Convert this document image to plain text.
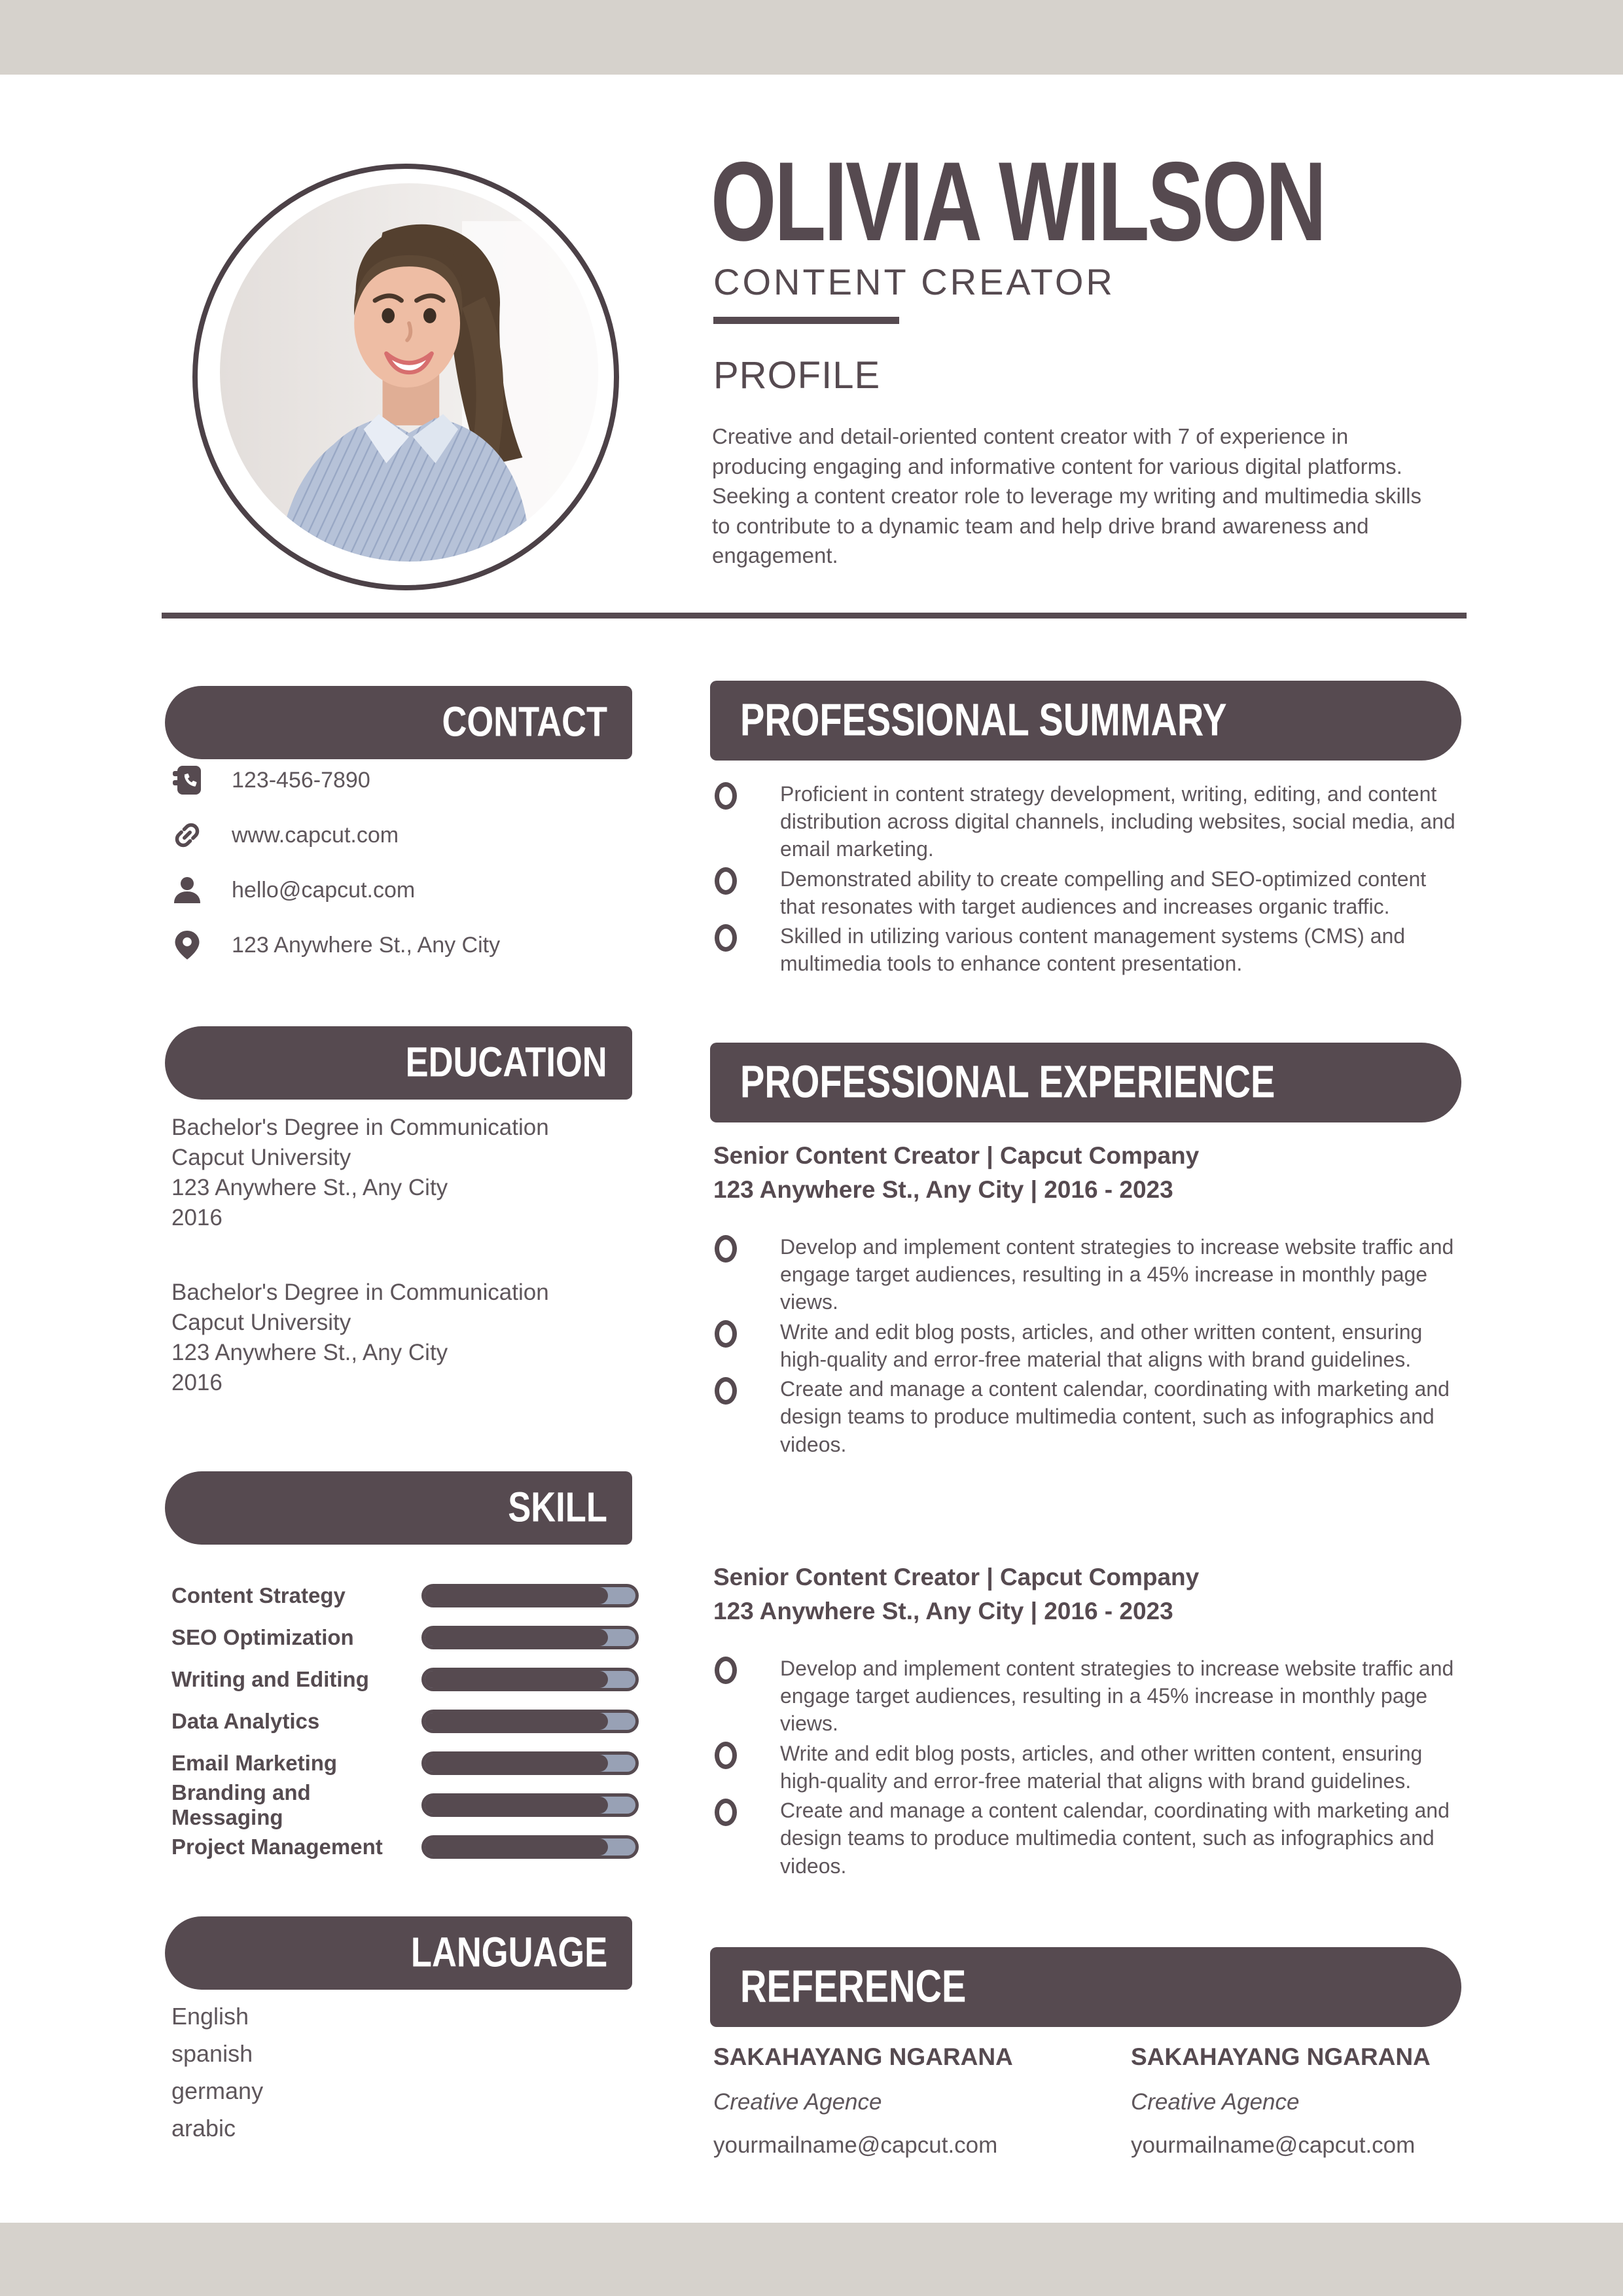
OLIVIA WILSON
CONTENT CREATOR
PROFILE
Creative and detail-oriented content creator with 7 of experience in producing engaging and informative content for various digital platforms. Seeking a content creator role to leverage my writing and multimedia skills to contribute to a dynamic team and help drive brand awareness and engagement.
CONTACT
EDUCATION
SKILL
LANGUAGE
PROFESSIONAL SUMMARY
PROFESSIONAL EXPERIENCE
REFERENCE
123-456-7890
www.capcut.com
hello@capcut.com
123 Anywhere St., Any City
Bachelor's Degree in Communication
Capcut University
123 Anywhere St., Any City
2016
Bachelor's Degree in Communication
Capcut University
123 Anywhere St., Any City
2016
Content Strategy
SEO Optimization
Writing and Editing
Data Analytics
Email Marketing
Branding and Messaging
Project Management
English
spanish
germany
arabic
Proficient in content strategy development, writing, editing, and content distribution across digital channels, including websites, social media, and email marketing.
Demonstrated ability to create compelling and SEO-optimized content that resonates with target audiences and increases organic traffic.
Skilled in utilizing various content management systems (CMS) and multimedia tools to enhance content presentation.
Senior Content Creator | Capcut Company
123 Anywhere St., Any City | 2016 - 2023
Develop and implement content strategies to increase website traffic and engage target audiences, resulting in a 45% increase in monthly page views.
Write and edit blog posts, articles, and other written content, ensuring high-quality and error-free material that aligns with brand guidelines.
Create and manage a content calendar, coordinating with marketing and design teams to produce multimedia content, such as infographics and videos.
Senior Content Creator | Capcut Company
123 Anywhere St., Any City | 2016 - 2023
Develop and implement content strategies to increase website traffic and engage target audiences, resulting in a 45% increase in monthly page views.
Write and edit blog posts, articles, and other written content, ensuring high-quality and error-free material that aligns with brand guidelines.
Create and manage a content calendar, coordinating with marketing and design teams to produce multimedia content, such as infographics and videos.
SAKAHAYANG NGARANA
Creative Agence
yourmailname@capcut.com
SAKAHAYANG NGARANA
Creative Agence
yourmailname@capcut.com
